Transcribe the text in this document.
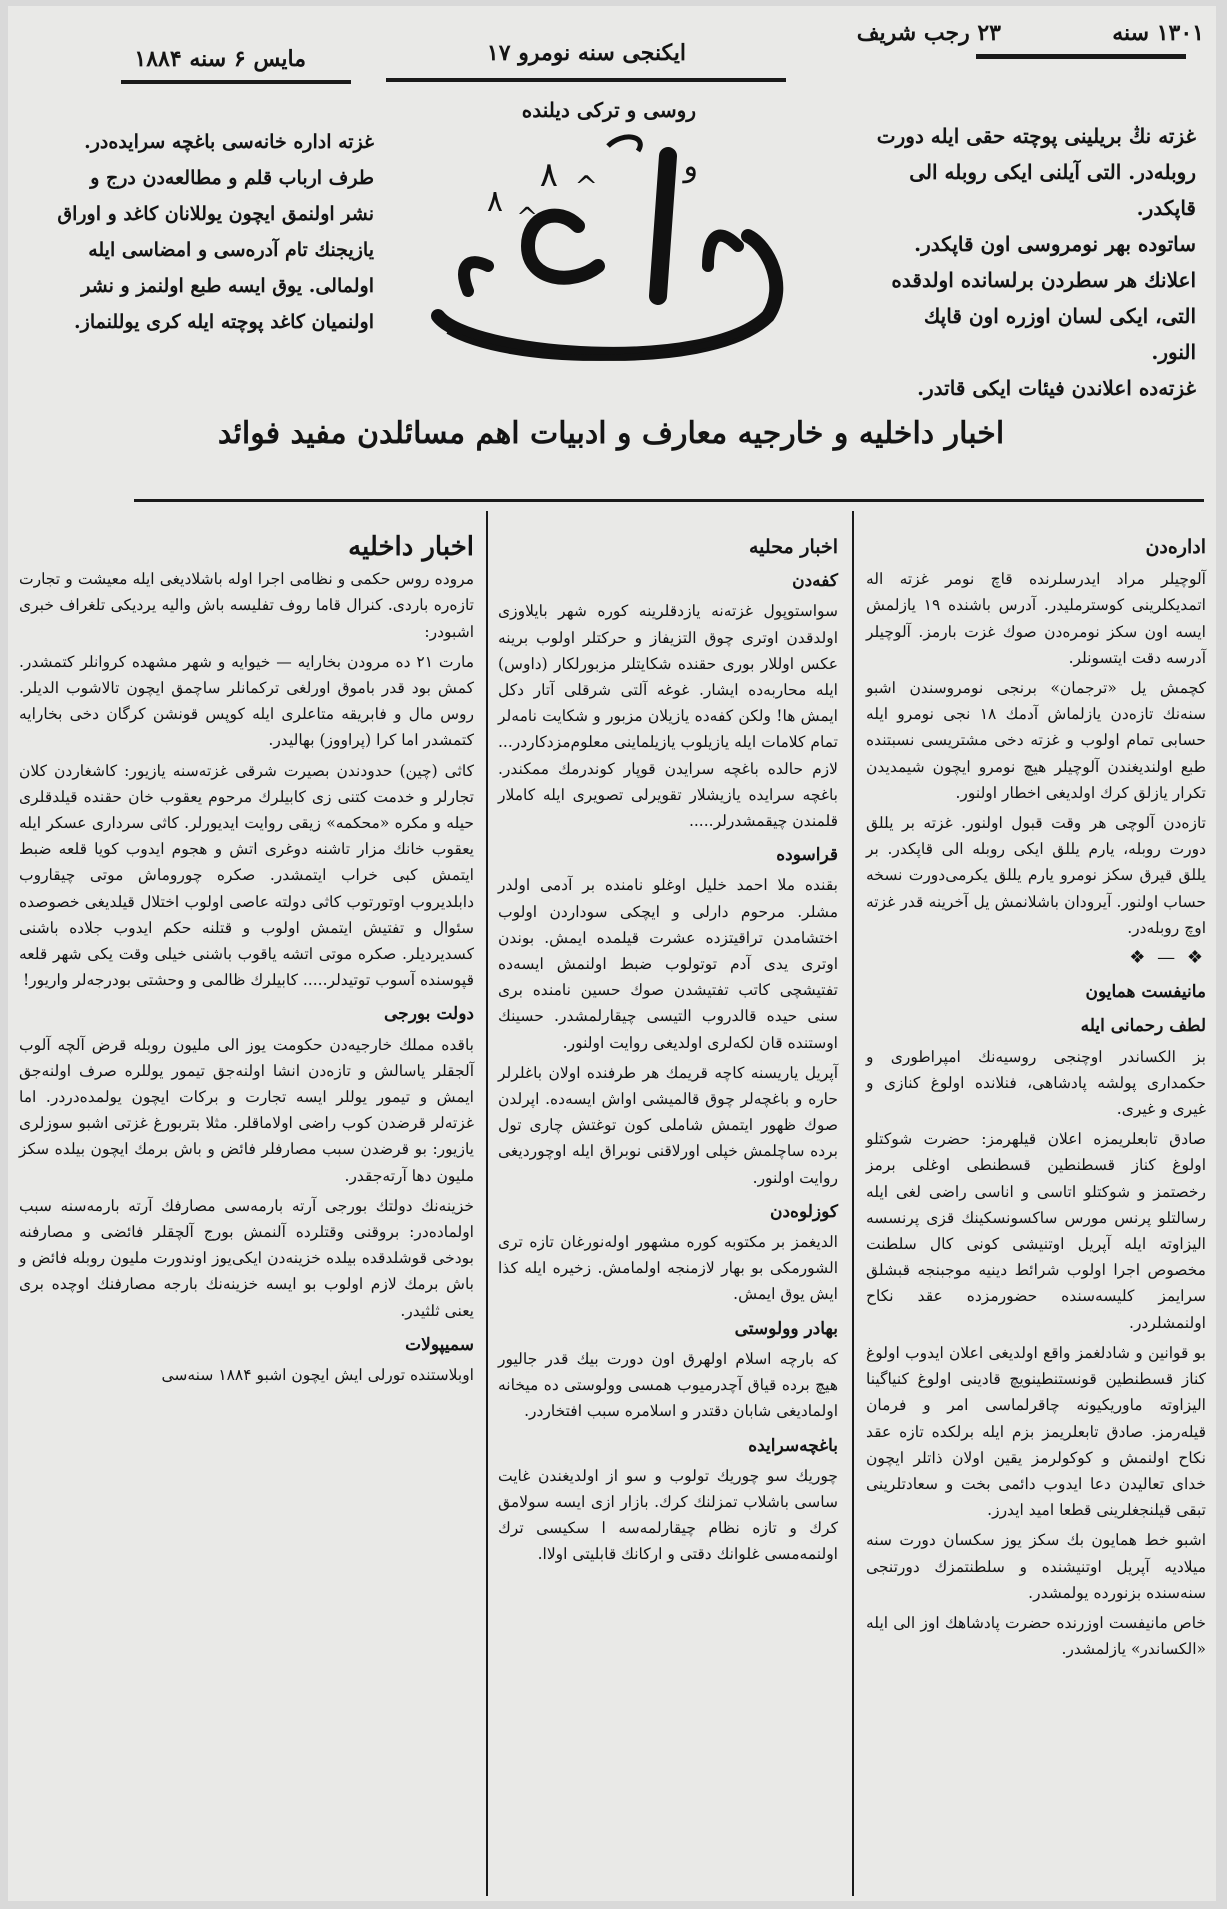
۱۳۰۱ سنه
۲۳ رجب شریف
ایکنجی سنه نومرو ۱۷
مایس ۶ سنه ۱۸۸۴
غزته نڭ بریلینی پوچته حقی ایله دورت
روبله‌در. التی آیلنی ایکی روبله الی قاپکدر.
ساتوده بهر نومروسی اون قاپکدر.
اعلانك هر سطردن برلسانده اولدقده
التی، ایکی لسان اوزره اون قاپك النور.
غزته‌ده اعلاندن فیئات ایکی قاتدر.
روسی و ترکی دیلنده
۸
۸	^
^
و
غزته اداره خانه‌سی باغچه سرایده‌در.
طرف ارباب قلم و مطالعه‌دن درج و
نشر اولنمق ایچون یوللانان کاغد و اوراق
یازیجنك تام آدره‌سی و امضاسی ایله
اولمالی. یوق ایسه طبع اولنمز و نشر
اولنمیان کاغد پوچته ایله کری یوللنماز.
اخبار داخلیه و خارجیه معارف و ادبیات اهم مسائلدن مفید فوائد
اداره‌دن

آلوچیلر مراد ایدرسلرنده قاچ نومر غزته اله اتمدیکلرینی کوسترملیدر. آدرس باشنده ۱۹ یازلمش ایسه اون سکز نومره‌دن صوك غزت بارمز. آلوچیلر آدرسه دقت ایتسونلر.

کچمش یل «ترجمان» برنجی نومروسندن اشبو سنه‌نك تازه‌دن یازلماش آدمك ۱۸ نجی نومرو ایله حسابی تمام اولوب و غزته دخی مشتریسی نسبتنده طبع اولندیغندن آلوچیلر هیچ نومرو ایچون شیمدیدن تکرار یازلق کرك اولدیغی اخطار اولنور.

تازه‌دن آلوچی هر وقت قبول اولنور. غزته بر یللق دورت روبله، یارم یللق ایکی روبله الی قاپکدر. بر یللق قیرق سکز نومرو یارم یللق یکرمی‌دورت نسخه حساب اولنور. آیرودان باشلانمش یل آخرینه قدر غزته اوچ روبله‌در.

❖ — ❖
مانیفست همایون
لطف رحمانی ایله

بز الکساندر اوچنجی روسیه‌نك امپراطوری و حکمداری پولشه پادشاهی، فنلانده اولوغ کنازی و غیری و غیری.

صادق تابعلریمزه اعلان قیلهرمز: حضرت شوکتلو اولوغ کناز قسطنطین قسطنطی اوغلی برمز رخصتمز و شوکتلو اتاسی و اناسی راضی لغی ایله رسالتلو پرنس مورس ساکسونسکینك قزی پرنسسه الیزاوته ایله آپریل اوتنیشی کونی کال سلطنت مخصوص اجرا اولوب شرائط دینیه موجبنجه قبشلق سرایمز کلیسه‌سنده حضورمزده عقد نکاح اولنمشلردر.

بو قوانین و شادلغمز واقع اولدیغی اعلان ایدوب اولوغ کناز قسطنطین قونستنطینویچ قادینی اولوغ کنیاگینا الیزاوته ماوریکیونه چاقرلماسی امر و فرمان قیله‌رمز. صادق تابعلریمز بزم ایله برلکده تازه عقد نکاح اولنمش و کوکولرمز یقین اولان ذاتلر ایچون خدای تعالیدن دعا ایدوب دائمی بخت و سعادتلرینی تبقی قیلنجغلرینی قطعا امید ایدرز.

اشبو خط همایون بك سکز یوز سکسان دورت سنه میلادیه آپریل اوتنیشنده و سلطنتمزك دورتنجی سنه‌سنده بزنورده یولمشدر.

خاص مانیفست اوزرنده حضرت پادشاهك اوز الی ایله «الکساندر» یازلمشدر.

اخبار محلیه
کفه‌دن

سواستوپول غزته‌نه یازدقلرینه کوره شهر بایلاوزی اولدقدن اوتری چوق التزیفاز و حرکتلر اولوب برینه عکس اوللار بوری حقنده شکایتلر مزبورلکار (داوس) ایله محاربه‌ده ایشار. غوغه آلتی شرقلی آتار دکل ایمش ها! ولکن کفه‌ده یازیلان مزبور و شکایت نامه‌لر تمام کلامات ایله یازیلوب یازیلماینی معلوم‌مزدکاردر... لازم حالده باغچه سرایدن قوپار کوندرمك ممکندر. باغچه سرایده یازیشلار تقویرلی تصویری ایله کاملار قلمندن چیقمشدرلر.....

قراسوده

بقنده ملا احمد خلیل اوغلو نامنده بر آدمی اولدر مشلر. مرحوم دارلی و ایچکی سوداردن اولوب اختشامدن تراقیتزده عشرت قیلمده ایمش. بوندن اوتری یدی آدم توتولوب ضبط اولنمش ایسه‌ده تفتیشچی کاتب تفتیشدن صوك حسین نامنده بری سنی حیده قالدروب التیسی چیقارلمشدر. حسینك اوستنده قان لکه‌لری اولدیغی روایت اولنور.

آپریل یاریسنه کاچه قریمك هر طرفنده اولان باغلرلر حاره و باغچه‌لر چوق قالمیشی اواش ایسه‌ده. اپرلدن صوك ظهور ایتمش شاملی کون توغتش چاری تول برده ساچلمش خپلی اورلاقنی نوبراق ایله اوچوردیغی روایت اولنور.

کوزلوه‌دن

الدیغمز بر مکتوبه کوره مشهور اوله‌نورغان تازه تری الشورمکی بو بهار لازمنجه اولمامش. زخیره ایله کذا ایش یوق ایمش.

بهادر وولوستی

که بارچه اسلام اولهرق اون دورت بیك قدر جالیور هیچ برده قیاق آچدرمیوب همسی وولوستی ده میخانه اولمادیغی شابان دقتدر و اسلامره سبب افتخاردر.

باغچه‌سرایده

چوریك سو چوریك تولوب و سو از اولدیغندن غایت ساسی باشلاب تمزلنك کرك. بازار ازی ایسه سولامق کرك و تازه نظام چیقارلمه‌سه ا سکیسی ترك اولنمه‌مسی غلوانك دقتی و ارکانك قابلیتی اولاا.

اخبار داخلیه

مرو‌ده روس حکمی و نظامی اجرا اوله باشلادیغی ایله معیشت و تجارت تازه‌ره باردی. کنرال قاما روف تفلیسه باش والیه یردیکی تلغراف خبری اشبودر:

مارت ۲۱ ده مرودن بخارایه — خیوایه و شهر مشهده کروانلر کتمشدر. کمش بود قدر باموق اورلغی ترکمانلر ساچمق ایچون تالاشوب الدیلر. روس مال و فابریقه متاعلری ایله کوپس قونشن کرگان دخی بخارایه کتمشدر اما کرا (پراووز) بهالیدر.

کاثی (چین) حدودندن بصیرت شرقی غزته‌سنه یازیور: کاشغاردن کلان تجارلر و خدمت کتنی زی کابیلرك مرحوم یعقوب خان حقنده قیلدقلری حیله و مکره «محکمه» زیقی روایت ایدیورلر. کاثی سرداری عسکر ایله یعقوب خانك مزار تاشنه دوغری اتش و هجوم ایدوب کویا قلعه ضبط ایتمش کبی خراب ایتمشدر. صکره چوروماش موتی چیقاروب دابلدیروب اوتورتوب کاثی دولته عاصی اولوب اختلال قیلدیغی خصوصده سئوال و تفتیش ایتمش اولوب و قتلنه حکم ایدوب جلاده باشنی کسدیردیلر. صکره موتی اتشه یاقوب باشنی خیلی وقت یکی شهر قلعه قپوسنده آسوب توتیدلر..... کابیلرك ظالمی و وحشتی بودرجه‌لر واریور!

دولت بورجی

باقده مملك خارجیه‌دن حکومت یوز الی ملیون روبله قرض آلچه آلوب آلجقلر یاسالش و تازه‌دن انشا اولنه‌جق تیمور یوللره صرف اولنه‌جق ایمش و تیمور یوللر ایسه تجارت و برکات ایچون یولمده‌دردر. اما غزته‌لر قرضدن کوب راضی اولاماقلر. مثلا بتربورغ غزتی اشبو سوزلری یازیور: بو قرضدن سبب مصارفلر فائض و باش برمك ایچون بیلده سکز ملیون دها آرته‌جقدر.

خزینه‌نك دولتك بورجی آرته بارمه‌سی مصارفك آرته بارمه‌سنه سبب اولماده‌در: بروقنی وقتلرده آلنمش بورج آلچقلر فائضی و مصارفنه بودخی قوشلدقده بیلده خزینه‌دن ایکی‌یوز اوندورت ملیون روبله فائض و باش برمك لازم اولوب بو ایسه خزینه‌نك بارجه مصارفنك اوچده بری یعنی ثلثیدر.

سمیپولات

اوبلاستنده تورلی ایش ایچون اشبو ۱۸۸۴ سنه‌سی
